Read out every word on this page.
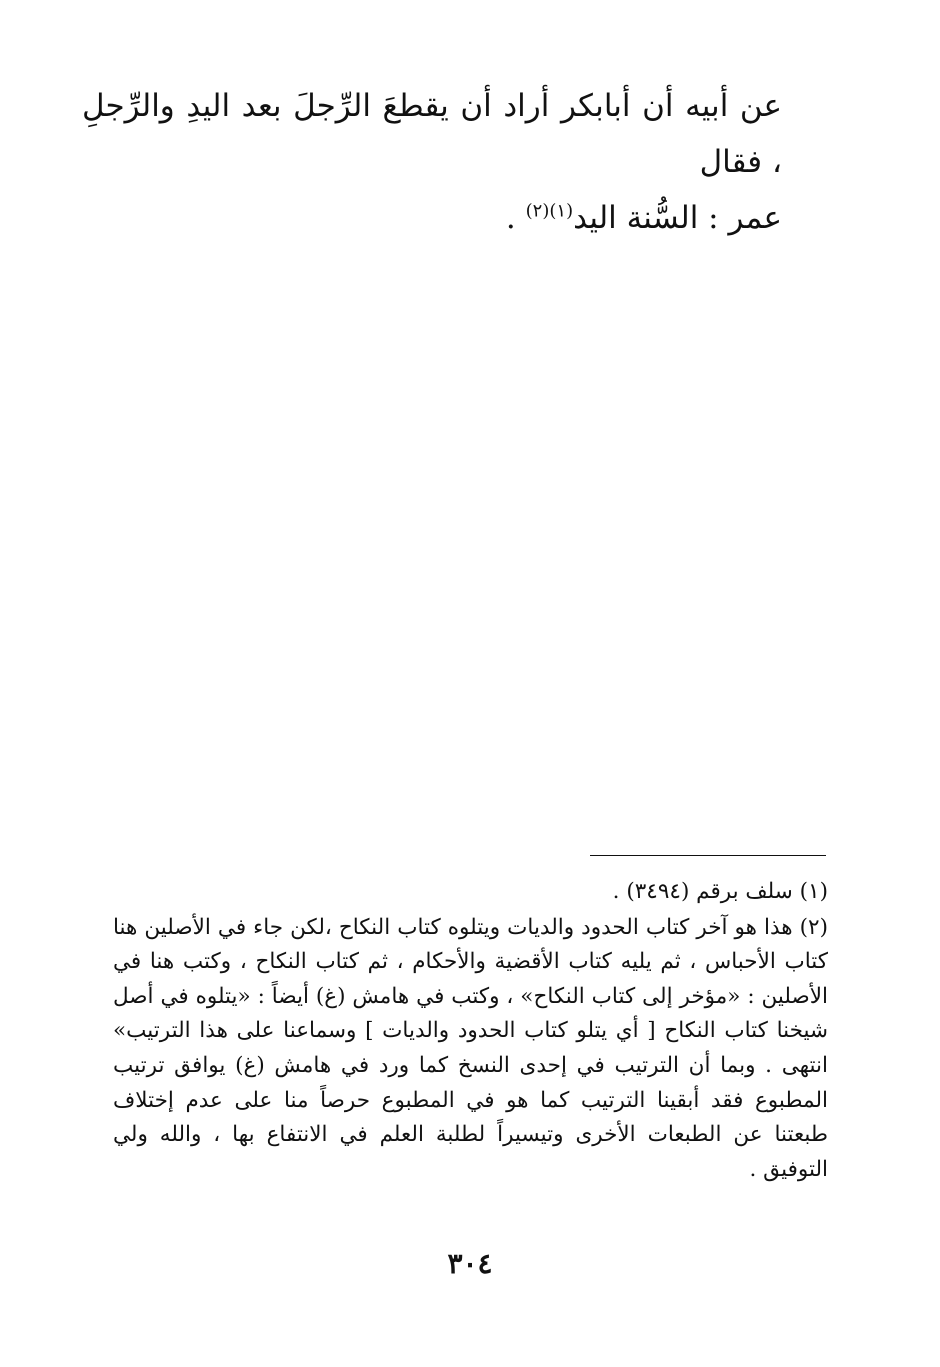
عن أبيه أن أبابكر أراد أن يقطعَ الرِّجلَ بعد اليدِ والرِّجلِ ، فقال

عمر : السُّنة اليد$^{(١)(٢)}$ .

(١) سلف برقم (٣٤٩٤) .

(٢) هذا هو آخر كتاب الحدود والديات ويتلوه كتاب النكاح ،لكن جاء في الأصلين هنا كتاب الأحباس ، ثم يليه كتاب الأقضية والأحكام ، ثم كتاب النكاح ، وكتب هنا في الأصلين : «مؤخر إلى كتاب النكاح» ، وكتب في هامش (غ) أيضاً : «يتلوه في أصل شيخنا كتاب النكاح [ أي يتلو كتاب الحدود والديات ] وسماعنا على هذا الترتيب» انتهى . وبما أن الترتيب في إحدى النسخ كما ورد في هامش (غ) يوافق ترتيب المطبوع فقد أبقينا الترتيب كما هو في المطبوع حرصاً منا على عدم إختلاف طبعتنا عن الطبعات الأخرى وتيسيراً لطلبة العلم في الانتفاع بها ، والله ولي التوفيق .

٣٠٤
